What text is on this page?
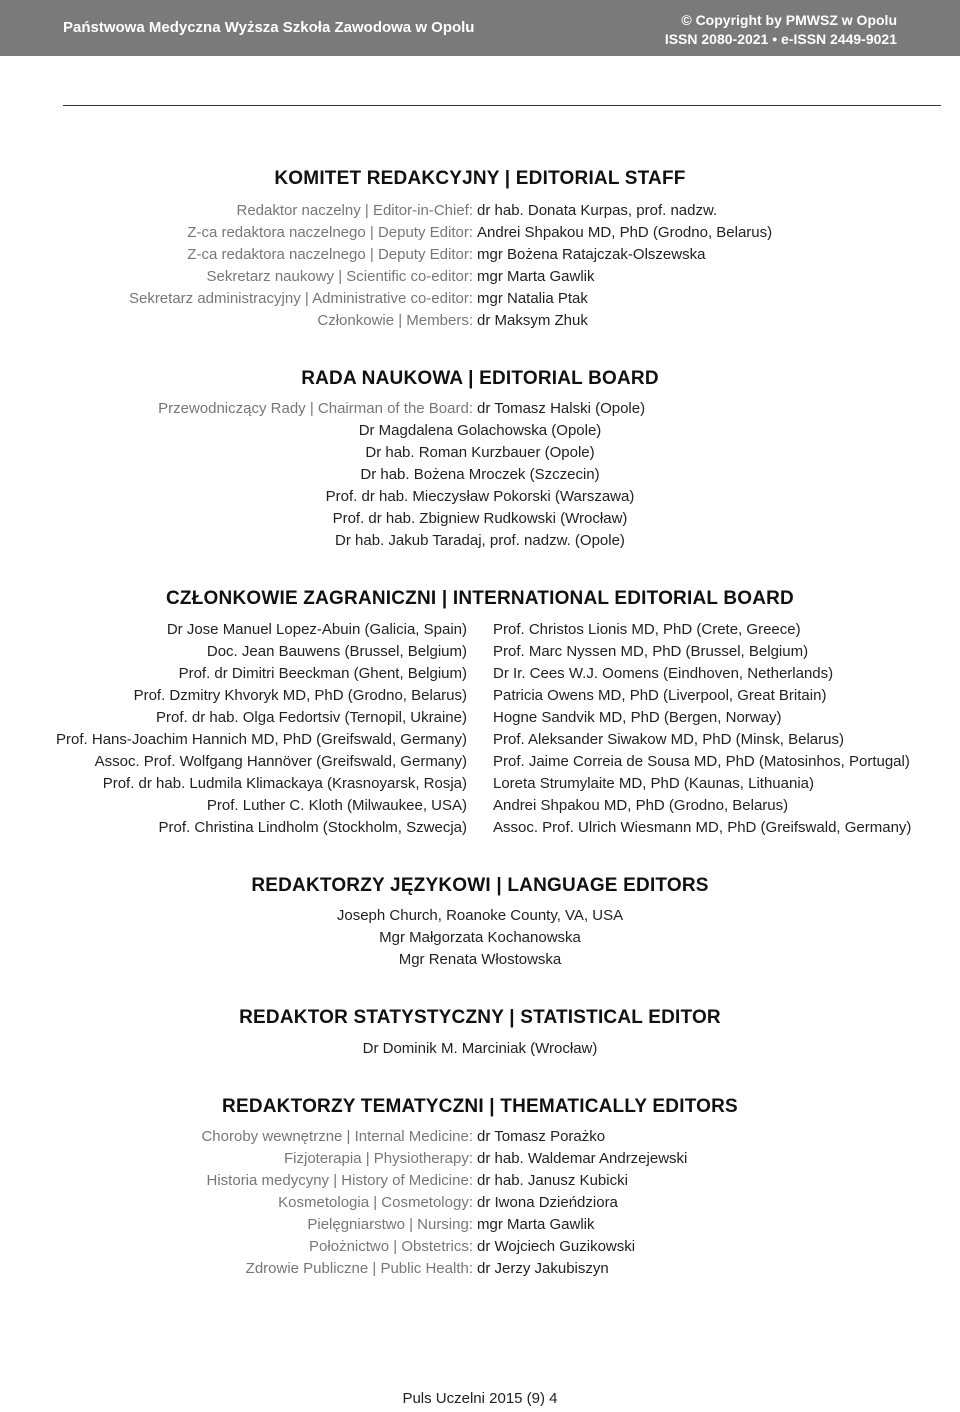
Państwowa Medyczna Wyższa Szkoła Zawodowa w Opolu	© Copyright by PMWSZ w Opolu
ISSN 2080-2021 • e-ISSN 2449-9021
KOMITET REDAKCYJNY | EDITORIAL STAFF
Redaktor naczelny | Editor-in-Chief: dr hab. Donata Kurpas, prof. nadzw.
Z-ca redaktora naczelnego | Deputy Editor: Andrei Shpakou MD, PhD (Grodno, Belarus)
Z-ca redaktora naczelnego | Deputy Editor: mgr Bożena Ratajczak-Olszewska
Sekretarz naukowy | Scientific co-editor: mgr Marta Gawlik
Sekretarz administracyjny | Administrative co-editor: mgr Natalia Ptak
Członkowie | Members: dr Maksym Zhuk
RADA NAUKOWA | EDITORIAL BOARD
Przewodniczący Rady | Chairman of the Board: dr Tomasz Halski (Opole)
Dr Magdalena Golachowska (Opole)
Dr hab. Roman Kurzbauer (Opole)
Dr hab. Bożena Mroczek (Szczecin)
Prof. dr hab. Mieczysław Pokorski (Warszawa)
Prof. dr hab. Zbigniew Rudkowski (Wrocław)
Dr hab. Jakub Taradaj, prof. nadzw. (Opole)
CZŁONKOWIE ZAGRANICZNI | INTERNATIONAL EDITORIAL BOARD
Dr Jose Manuel Lopez-Abuin (Galicia, Spain)
Doc. Jean Bauwens (Brussel, Belgium)
Prof. dr Dimitri Beeckman (Ghent, Belgium)
Prof. Dzmitry Khvoryk MD, PhD (Grodno, Belarus)
Prof. dr hab. Olga Fedortsiv (Ternopil, Ukraine)
Prof. Hans-Joachim Hannich MD, PhD (Greifswald, Germany)
Assoc. Prof. Wolfgang Hannöver (Greifswald, Germany)
Prof. dr hab. Ludmila Klimackaya (Krasnoyarsk, Rosja)
Prof. Luther C. Kloth (Milwaukee, USA)
Prof. Christina Lindholm (Stockholm, Szwecja)
Prof. Christos Lionis MD, PhD (Crete, Greece)
Prof. Marc Nyssen MD, PhD (Brussel, Belgium)
Dr Ir. Cees W.J. Oomens (Eindhoven, Netherlands)
Patricia Owens MD, PhD (Liverpool, Great Britain)
Hogne Sandvik MD, PhD (Bergen, Norway)
Prof. Aleksander Siwakow MD, PhD (Minsk, Belarus)
Prof. Jaime Correia de Sousa MD, PhD (Matosinhos, Portugal)
Loreta Strumylaite MD, PhD (Kaunas, Lithuania)
Andrei Shpakou MD, PhD (Grodno, Belarus)
Assoc. Prof. Ulrich Wiesmann MD, PhD (Greifswald, Germany)
REDAKTORZY JĘZYKOWI | LANGUAGE EDITORS
Joseph Church, Roanoke County, VA, USA
Mgr Małgorzata Kochanowska
Mgr Renata Włostowska
REDAKTOR STATYSTYCZNY | STATISTICAL EDITOR
Dr Dominik M. Marciniak (Wrocław)
REDAKTORZY TEMATYCZNI | THEMATICALLY EDITORS
Choroby wewnętrzne | Internal Medicine: dr Tomasz Porażko
Fizjoterapia | Physiotherapy: dr hab. Waldemar Andrzejewski
Historia medycyny | History of Medicine: dr hab. Janusz Kubicki
Kosmetologia | Cosmetology: dr Iwona Dzieńdziora
Pielęgniarstwo | Nursing: mgr Marta Gawlik
Położnictwo | Obstetrics: dr Wojciech Guzikowski
Zdrowie Publiczne | Public Health: dr Jerzy Jakubiszyn
Puls Uczelni 2015 (9) 4
